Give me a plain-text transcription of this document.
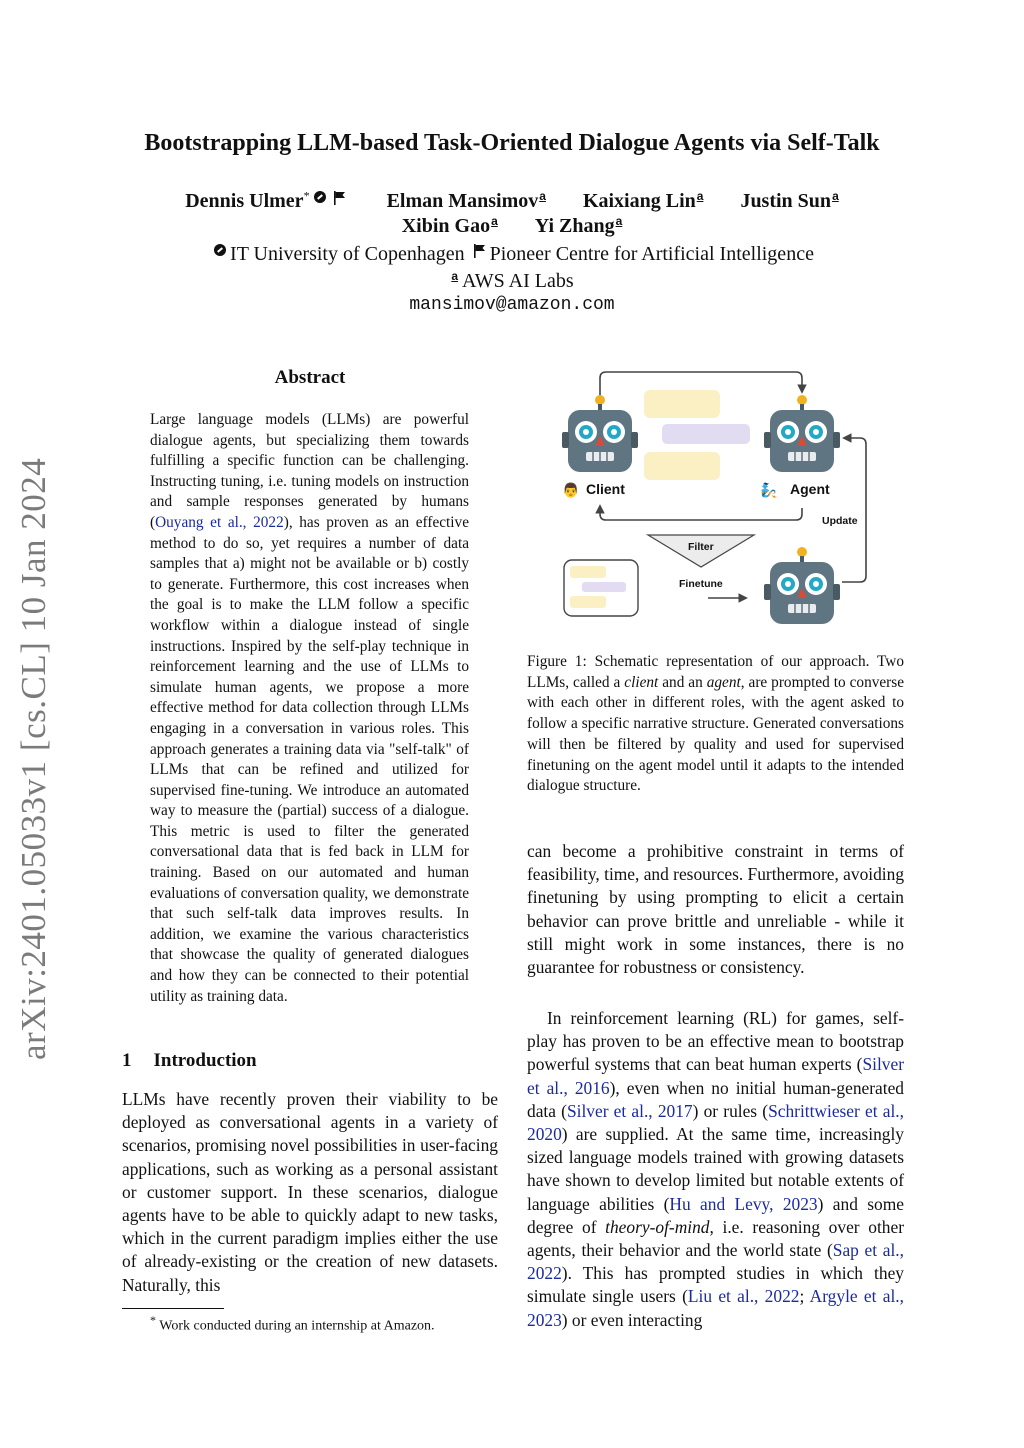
arXiv:2401.05033v1 [cs.CL] 10 Jan 2024
Bootstrapping LLM-based Task-Oriented Dialogue Agents via Self-Talk
Dennis Ulmer*	Elman Mansimova Kaixiang Lina Justin Suna
Xibin Gaoa Yi Zhanga
IT University of Copenhagen Pioneer Centre for Artificial Intelligence
a AWS AI Labs
mansimov@amazon.com
Abstract
Large language models (LLMs) are powerful dialogue agents, but specializing them towards fulfilling a specific function can be challenging. Instructing tuning, i.e. tuning models on instruction and sample responses generated by humans (Ouyang et al., 2022), has proven as an effective method to do so, yet requires a number of data samples that a) might not be available or b) costly to generate. Furthermore, this cost increases when the goal is to make the LLM follow a specific workflow within a dialogue instead of single instructions. Inspired by the self-play technique in reinforcement learning and the use of LLMs to simulate human agents, we propose a more effective method for data collection through LLMs engaging in a conversation in various roles. This approach generates a training data via "self-talk" of LLMs that can be refined and utilized for supervised fine-tuning. We introduce an automated way to measure the (partial) success of a dialogue. This metric is used to filter the generated conversational data that is fed back in LLM for training. Based on our automated and human evaluations of conversation quality, we demonstrate that such self-talk data improves results. In addition, we examine the various characteristics that showcase the quality of generated dialogues and how they can be connected to their potential utility as training data.
1 Introduction
LLMs have recently proven their viability to be deployed as conversational agents in a variety of scenarios, promising novel possibilities in user-facing applications, such as working as a personal assistant or customer support. In these scenarios, dialogue agents have to be able to quickly adapt to new tasks, which in the current paradigm implies either the use of already-existing or the creation of new datasets. Naturally, this
* Work conducted during an internship at Amazon.
👨	🧞
Client	Agent
Update
Filter
Finetune
Figure 1: Schematic representation of our approach. Two LLMs, called a client and an agent, are prompted to converse with each other in different roles, with the agent asked to follow a specific narrative structure. Generated conversations will then be filtered by quality and used for supervised finetuning on the agent model until it adapts to the intended dialogue structure.
can become a prohibitive constraint in terms of feasibility, time, and resources. Furthermore, avoiding finetuning by using prompting to elicit a certain behavior can prove brittle and unreliable - while it still might work in some instances, there is no guarantee for robustness or consistency.
In reinforcement learning (RL) for games, self-play has proven to be an effective mean to bootstrap powerful systems that can beat human experts (Silver et al., 2016), even when no initial human-generated data (Silver et al., 2017) or rules (Schrittwieser et al., 2020) are supplied. At the same time, increasingly sized language models trained with growing datasets have shown to develop limited but notable extents of language abilities (Hu and Levy, 2023) and some degree of theory-of-mind, i.e. reasoning over other agents, their behavior and the world state (Sap et al., 2022). This has prompted studies in which they simulate single users (Liu et al., 2022; Argyle et al., 2023) or even interacting
